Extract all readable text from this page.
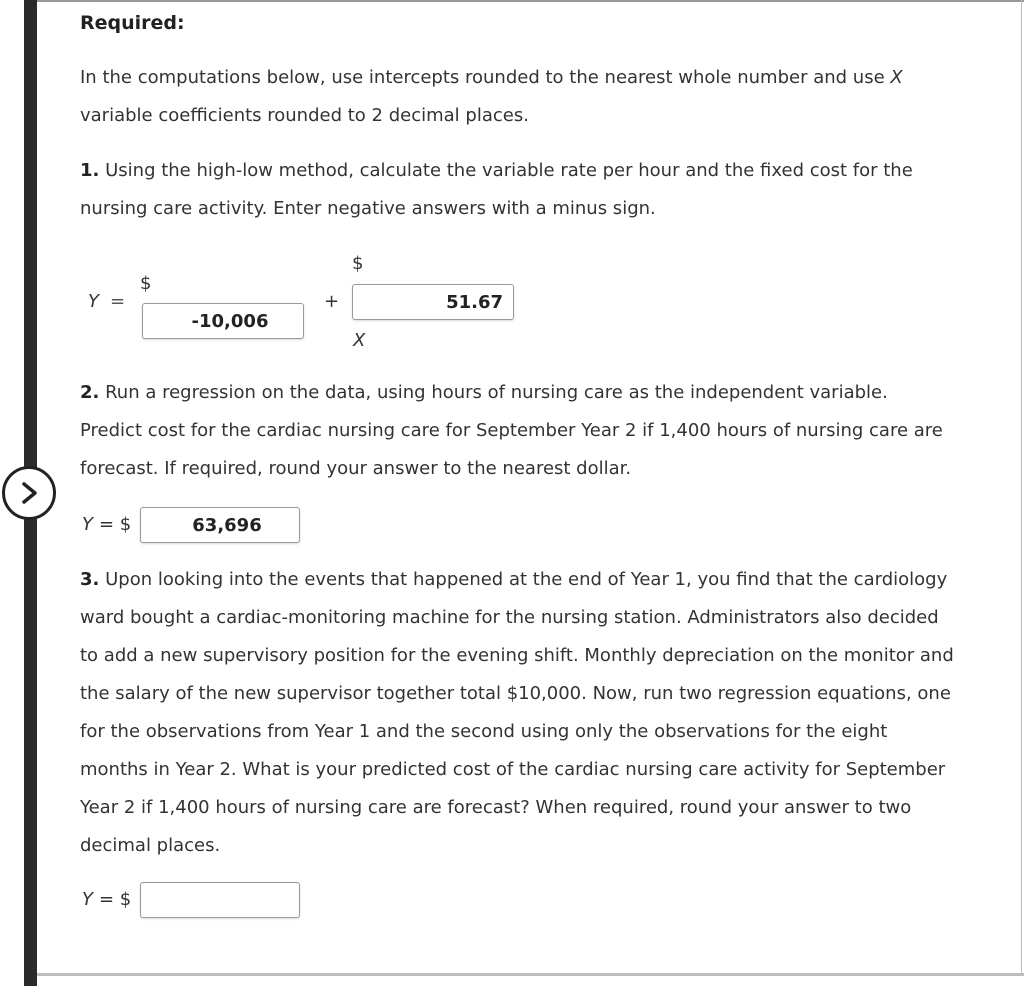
Required:
In the computations below, use intercepts rounded to the nearest whole number and use X
variable coefficients rounded to 2 decimal places.
1. Using the high-low method, calculate the variable rate per hour and the fixed cost for the
nursing care activity. Enter negative answers with a minus sign.
Y =
$
-10,006
+
$
51.67
X
2. Run a regression on the data, using hours of nursing care as the independent variable.
Predict cost for the cardiac nursing care for September Year 2 if 1,400 hours of nursing care are
forecast. If required, round your answer to the nearest dollar.
Y = $	63,696
3. Upon looking into the events that happened at the end of Year 1, you find that the cardiology
ward bought a cardiac-monitoring machine for the nursing station. Administrators also decided
to add a new supervisory position for the evening shift. Monthly depreciation on the monitor and
the salary of the new supervisor together total $10,000. Now, run two regression equations, one
for the observations from Year 1 and the second using only the observations for the eight
months in Year 2. What is your predicted cost of the cardiac nursing care activity for September
Year 2 if 1,400 hours of nursing care are forecast? When required, round your answer to two
decimal places.
Y = $
